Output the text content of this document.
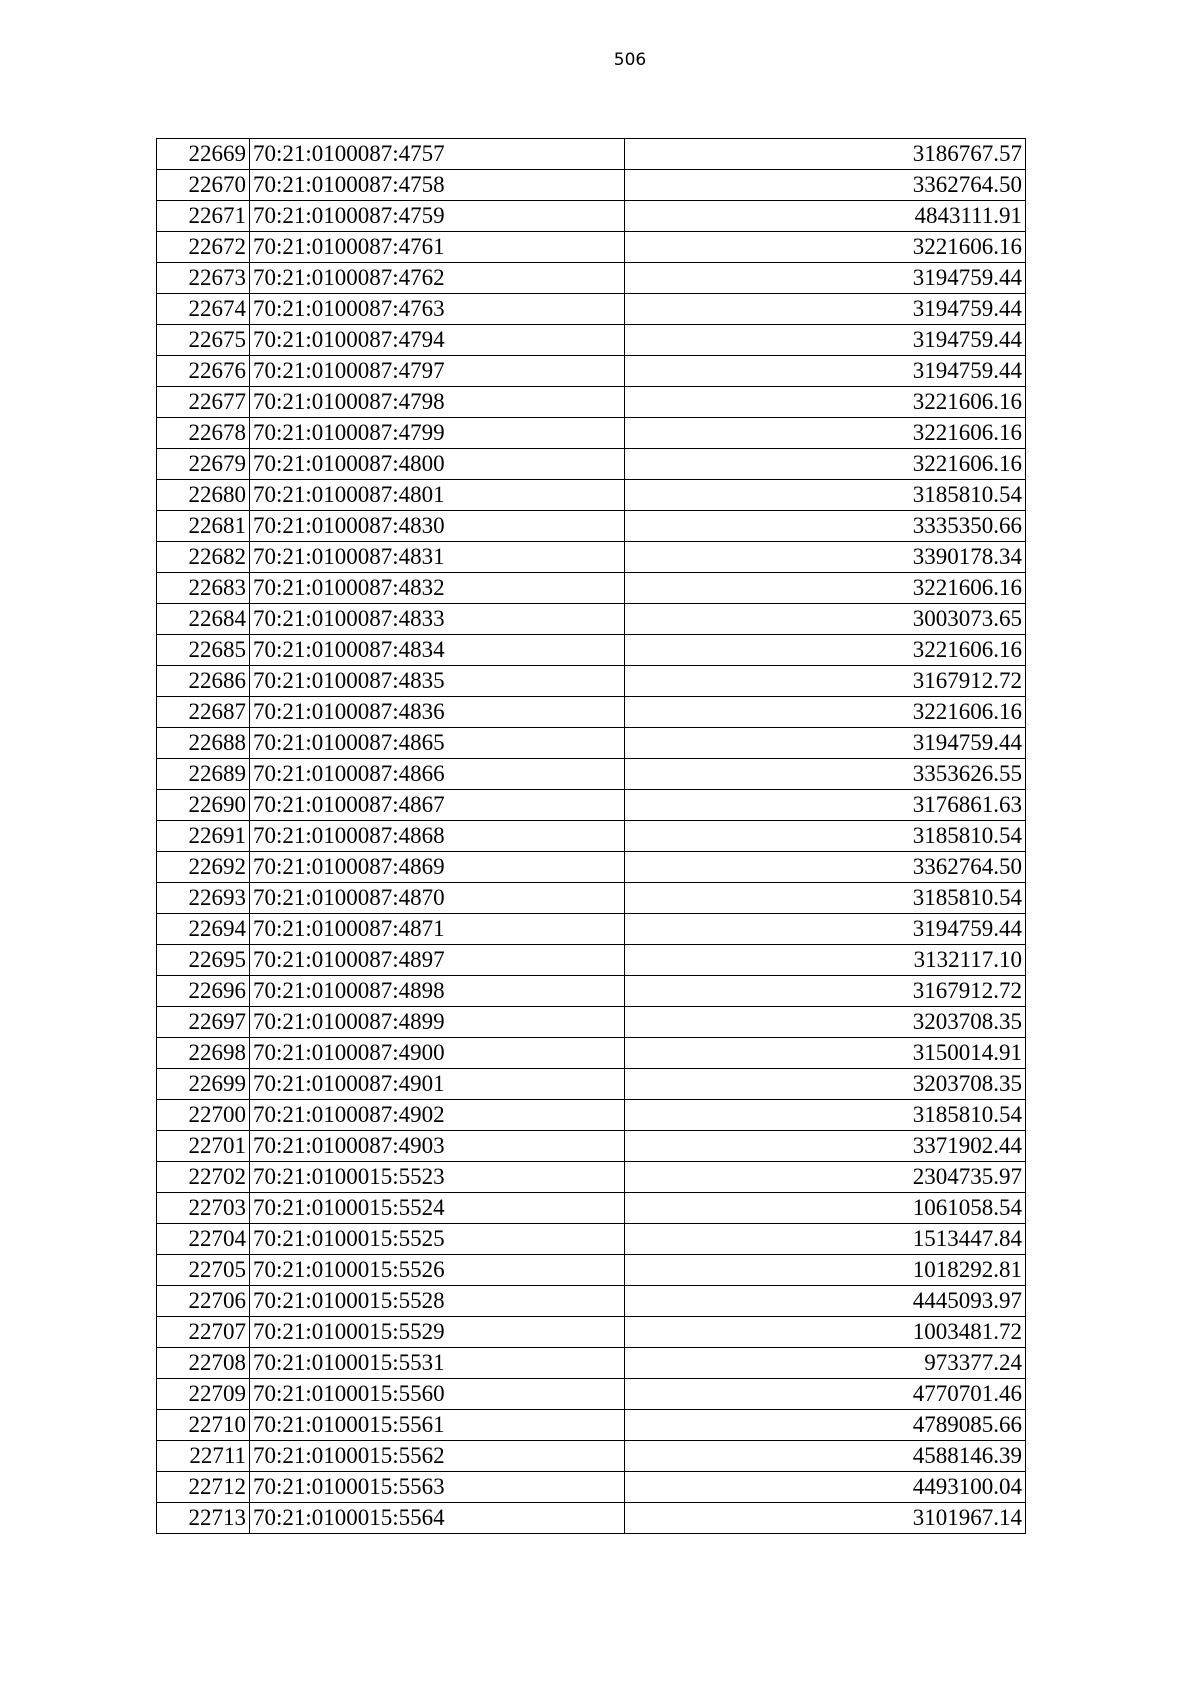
506
22669	70:21:0100087:4757	3186767.57
22670	70:21:0100087:4758	3362764.50
22671	70:21:0100087:4759	4843111.91
22672	70:21:0100087:4761	3221606.16
22673	70:21:0100087:4762	3194759.44
22674	70:21:0100087:4763	3194759.44
22675	70:21:0100087:4794	3194759.44
22676	70:21:0100087:4797	3194759.44
22677	70:21:0100087:4798	3221606.16
22678	70:21:0100087:4799	3221606.16
22679	70:21:0100087:4800	3221606.16
22680	70:21:0100087:4801	3185810.54
22681	70:21:0100087:4830	3335350.66
22682	70:21:0100087:4831	3390178.34
22683	70:21:0100087:4832	3221606.16
22684	70:21:0100087:4833	3003073.65
22685	70:21:0100087:4834	3221606.16
22686	70:21:0100087:4835	3167912.72
22687	70:21:0100087:4836	3221606.16
22688	70:21:0100087:4865	3194759.44
22689	70:21:0100087:4866	3353626.55
22690	70:21:0100087:4867	3176861.63
22691	70:21:0100087:4868	3185810.54
22692	70:21:0100087:4869	3362764.50
22693	70:21:0100087:4870	3185810.54
22694	70:21:0100087:4871	3194759.44
22695	70:21:0100087:4897	3132117.10
22696	70:21:0100087:4898	3167912.72
22697	70:21:0100087:4899	3203708.35
22698	70:21:0100087:4900	3150014.91
22699	70:21:0100087:4901	3203708.35
22700	70:21:0100087:4902	3185810.54
22701	70:21:0100087:4903	3371902.44
22702	70:21:0100015:5523	2304735.97
22703	70:21:0100015:5524	1061058.54
22704	70:21:0100015:5525	1513447.84
22705	70:21:0100015:5526	1018292.81
22706	70:21:0100015:5528	4445093.97
22707	70:21:0100015:5529	1003481.72
22708	70:21:0100015:5531	973377.24
22709	70:21:0100015:5560	4770701.46
22710	70:21:0100015:5561	4789085.66
22711	70:21:0100015:5562	4588146.39
22712	70:21:0100015:5563	4493100.04
22713	70:21:0100015:5564	3101967.14
